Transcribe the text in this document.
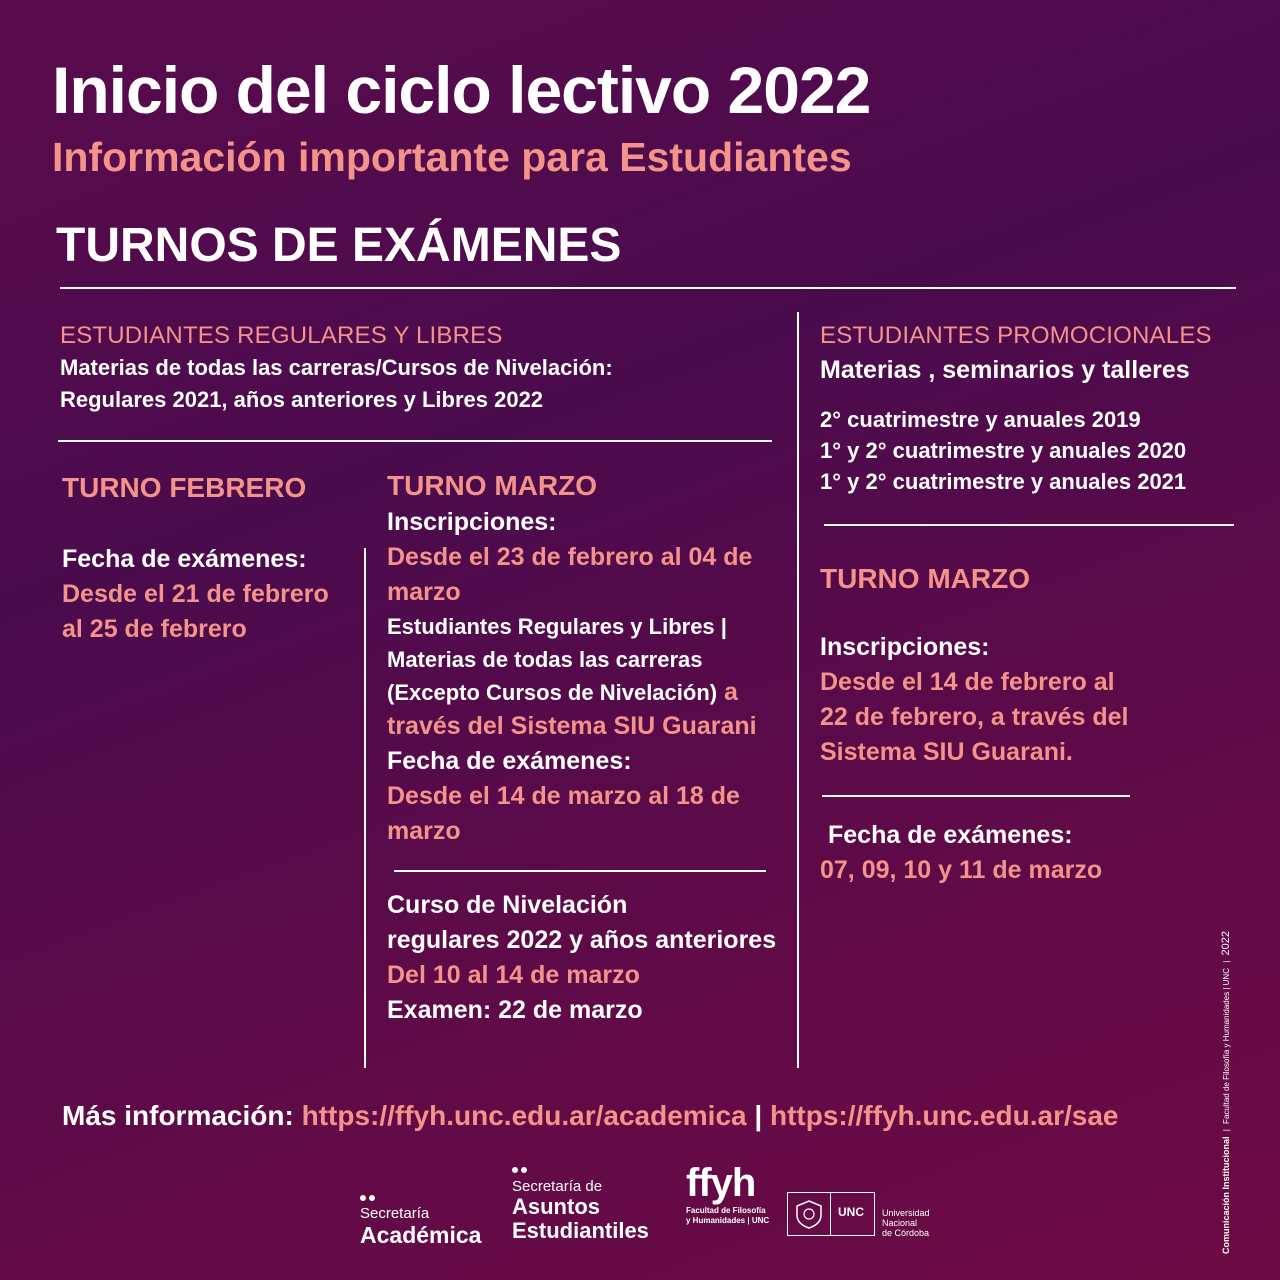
Inicio del ciclo lectivo 2022
Información importante para Estudiantes
TURNOS DE EXÁMENES
ESTUDIANTES REGULARES Y LIBRES
Materias de todas las carreras/Cursos de Nivelación:
Regulares 2021, años anteriores y Libres 2022
TURNO FEBRERO
Fecha de exámenes:
Desde el 21 de febrero
al 25 de febrero
TURNO MARZO
Inscripciones:
Desde el 23 de febrero al 04 de
marzo
Estudiantes Regulares y Libres |
Materias de todas las carreras
(Excepto Cursos de Nivelación) a
través del Sistema SIU Guarani
Fecha de exámenes:
Desde el 14 de marzo al 18 de
marzo
Curso de Nivelación
regulares 2022 y años anteriores
Del 10 al 14 de marzo
Examen: 22 de marzo
ESTUDIANTES PROMOCIONALES
Materias , seminarios y talleres
2° cuatrimestre y anuales 2019
1° y 2° cuatrimestre y anuales 2020
1° y 2° cuatrimestre y anuales 2021
TURNO MARZO
Inscripciones:
Desde el 14 de febrero al
22 de febrero, a través del
Sistema SIU Guarani.
Fecha de exámenes:
07, 09, 10 y 11 de marzo
Más información: https://ffyh.unc.edu.ar/academica | https://ffyh.unc.edu.ar/sae
Secretaría
Académica
Secretaría de
Asuntos
Estudiantiles
ffyh
Facultad de Filosofía
y Humanidades | UNC
UNC Universidad
Nacional
de Córdoba	Comunicación Institucional | Facultad de Filosofía y Humanidades | UNC | 2022
